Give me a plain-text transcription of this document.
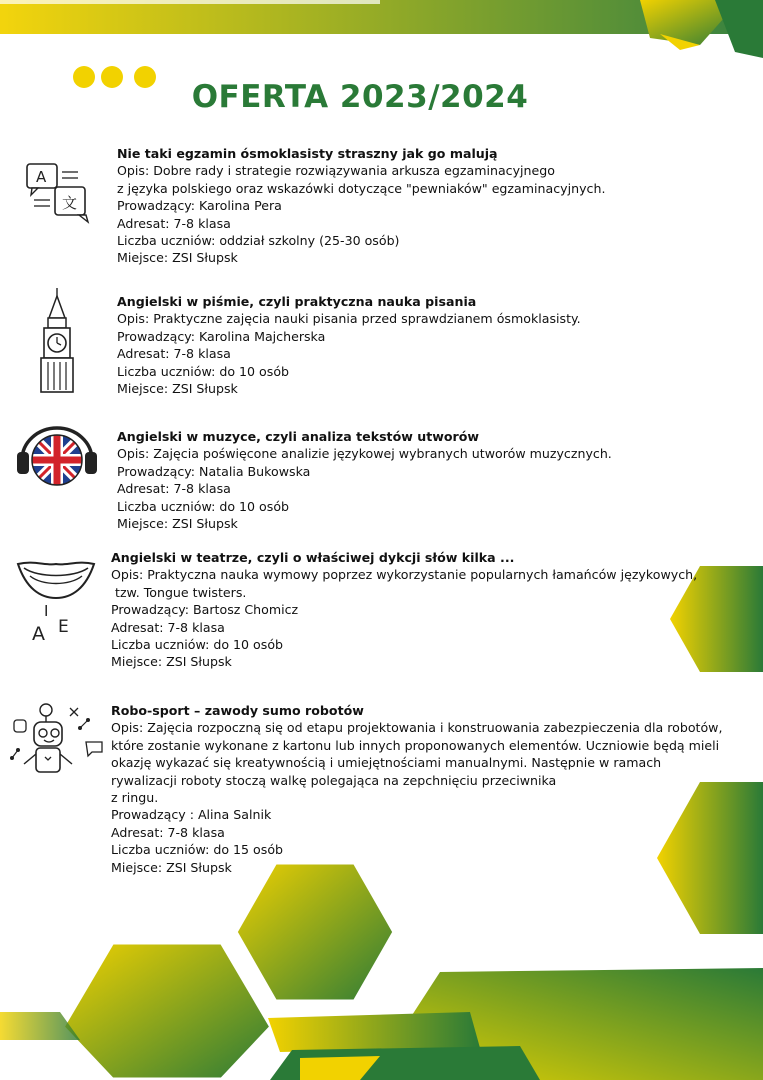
OFERTA 2023/2024
A
文
I
A E
Nie taki egzamin ósmoklasisty straszny jak go malują
Opis: Dobre rady i strategie rozwiązywania arkusza egzaminacyjnego
z języka polskiego oraz wskazówki dotyczące "pewniaków" egzaminacyjnych.
Prowadzący: Karolina Pera
Adresat: 7-8 klasa
Liczba uczniów: oddział szkolny (25-30 osób)
Miejsce: ZSI Słupsk
Angielski w piśmie, czyli praktyczna nauka pisania
Opis: Praktyczne zajęcia nauki pisania przed sprawdzianem ósmoklasisty.
Prowadzący: Karolina Majcherska
Adresat: 7-8 klasa
Liczba uczniów: do 10 osób
Miejsce: ZSI Słupsk
Angielski w muzyce, czyli analiza tekstów utworów
Opis: Zajęcia poświęcone analizie językowej wybranych utworów muzycznych.
Prowadzący: Natalia Bukowska
Adresat: 7-8 klasa
Liczba uczniów: do 10 osób
Miejsce: ZSI Słupsk
Angielski w teatrze, czyli o właściwej dykcji słów kilka ...
Opis: Praktyczna nauka wymowy poprzez wykorzystanie popularnych łamańców językowych,
tzw. Tongue twisters.
Prowadzący: Bartosz Chomicz
Adresat: 7-8 klasa
Liczba uczniów: do 10 osób
Miejsce: ZSI Słupsk
Robo-sport – zawody sumo robotów
Opis: Zajęcia rozpoczną się od etapu projektowania i konstruowania zabezpieczenia dla robotów,
które zostanie wykonane z kartonu lub innych proponowanych elementów. Uczniowie będą mieli
okazję wykazać się kreatywnością i umiejętnościami manualnymi. Następnie w ramach
rywalizacji roboty stoczą walkę polegająca na zepchnięciu przeciwnika
z ringu.
Prowadzący : Alina Salnik
Adresat: 7-8 klasa
Liczba uczniów: do 15 osób
Miejsce: ZSI Słupsk
